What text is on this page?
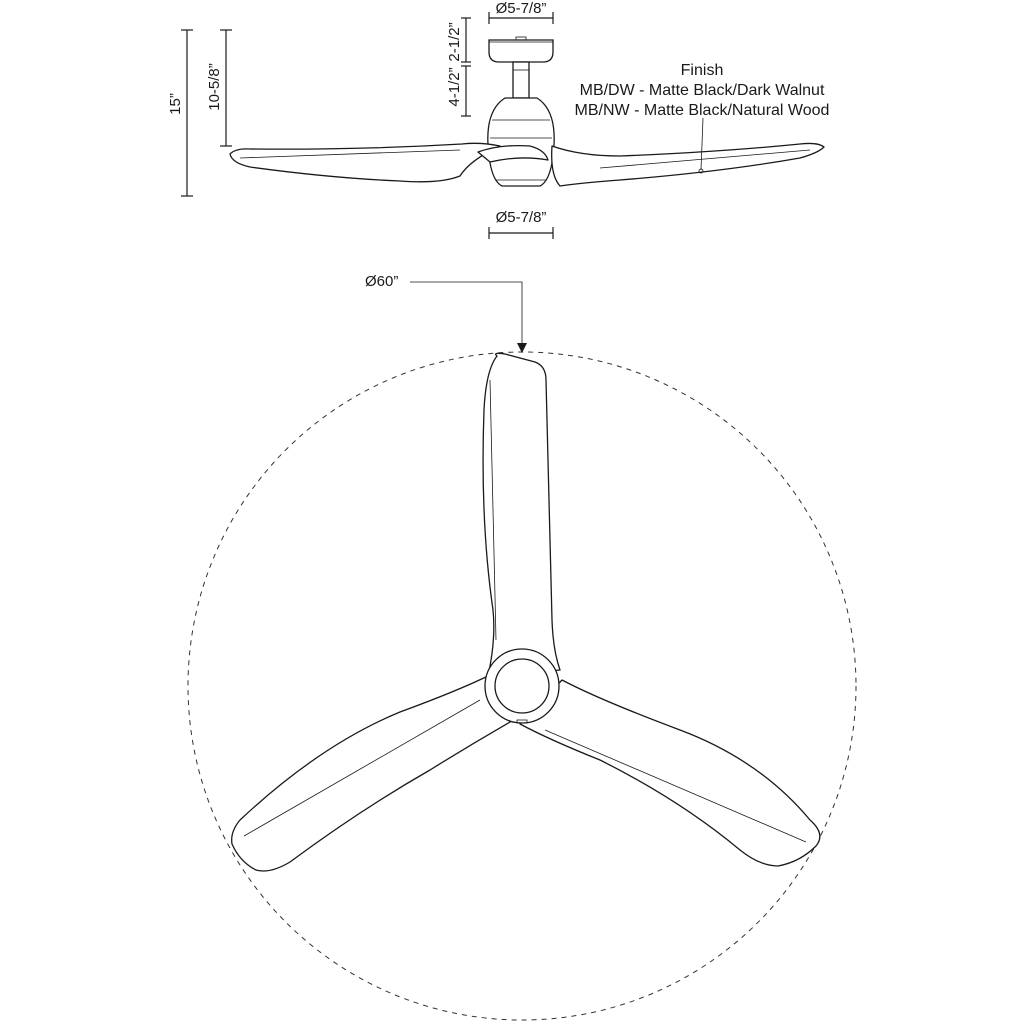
Ø5-7/8”
15” 10-5/8”
2-1/2”
4-1/2”
Ø5-7/8”
Finish
MB/DW - Matte Black/Dark Walnut
MB/NW - Matte Black/Natural Wood
Ø60”
